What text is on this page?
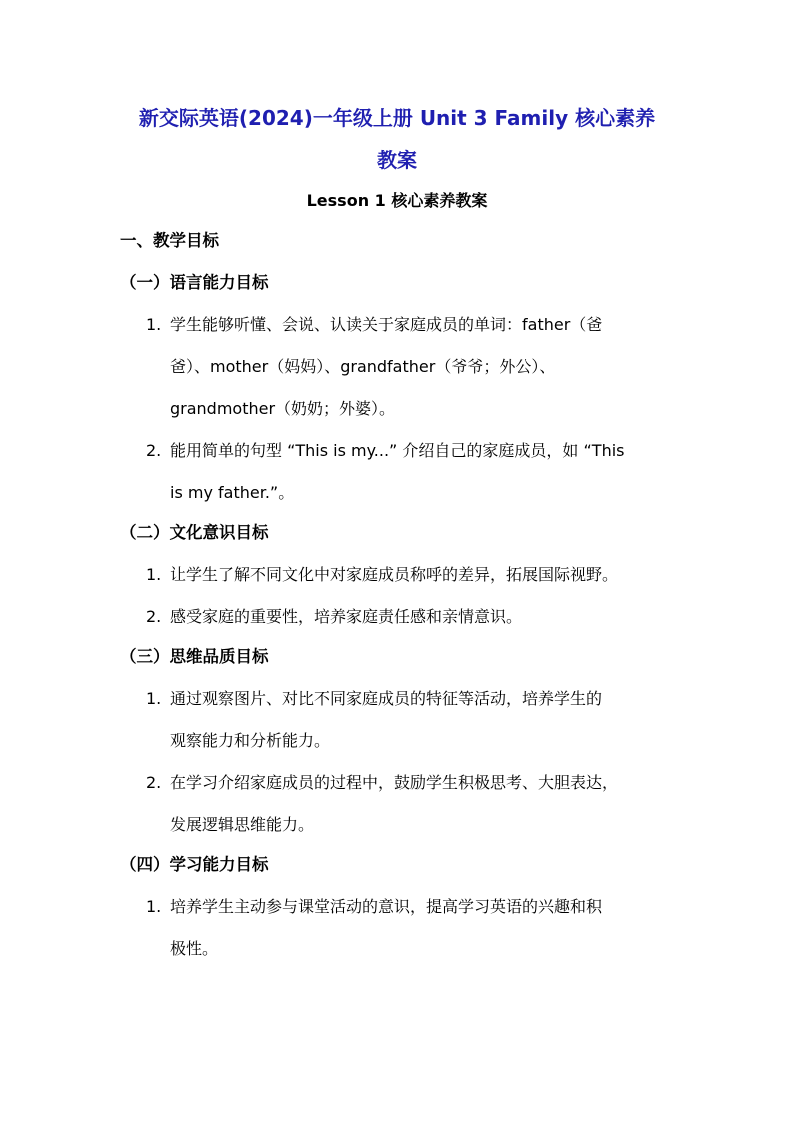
新交际英语(2024)一年级上册 Unit 3 Family 核心素养
教案
Lesson 1 核心素养教案
一、教学目标
（一）语言能力目标
1. 学生能够听懂、会说、认读关于家庭成员的单词：father（爸
爸）、mother（妈妈）、grandfather（爷爷；外公）、
grandmother（奶奶；外婆）。
2. 能用简单的句型 “This is my...” 介绍自己的家庭成员，如 “This
is my father.”。
（二）文化意识目标
1. 让学生了解不同文化中对家庭成员称呼的差异，拓展国际视野。
2. 感受家庭的重要性，培养家庭责任感和亲情意识。
（三）思维品质目标
1. 通过观察图片、对比不同家庭成员的特征等活动，培养学生的
观察能力和分析能力。
2. 在学习介绍家庭成员的过程中，鼓励学生积极思考、大胆表达，
发展逻辑思维能力。
（四）学习能力目标
1. 培养学生主动参与课堂活动的意识，提高学习英语的兴趣和积
极性。
